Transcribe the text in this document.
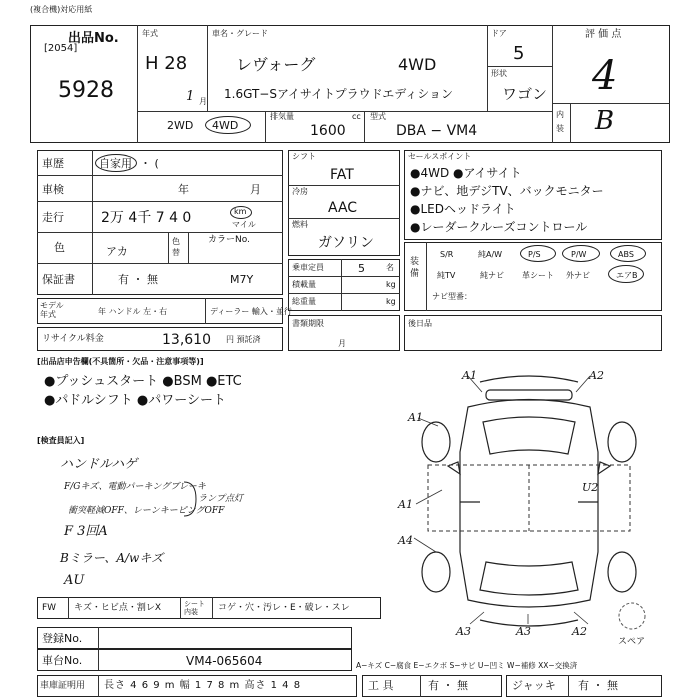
(複合機)対応用紙
出品No.
[2054]
5928
年式
H 28
1 月
車名・グレード
レヴォーグ	4WD
1.6GT−Sアイサイトプラウドエディション
ドア
5
形状
ワゴン
評 価 点
4
内装 B
2WD 4WD
排気量	cc
1600
型式
DBA − VM4
車歴	自家用 ・ (
車検	年	月
走行	2万 4千 7 4 0	km
マイル
色	アカ
色替
カラーNo.
保証書	有 ・ 無	M7Y
モデル年式	年 ハンドル 左・右	ディーラー 輸入・並行
リサイクル料金	13,610 円 預託済
シフト
FAT
冷房
AAC
燃料
ガソリン
乗車定員	5	名
積載量	kg
総重量	kg
書類期限
月
セールスポイント
●4WD ●アイサイト
●ナビ、地デジTV、バックモニター
●LEDヘッドライト
●レーダークルーズコントロール
装備
S/R	純A/W	P/S	P/W	ABS
純TV	純ナビ 革シート 外ナビ	エアB
ナビ型番：
後日品
[出品店申告欄(不具箇所・欠品・注意事項等)]
●プッシュスタート ●BSM ●ETC
●パドルシフト ●パワーシート
[検査員記入]
ハンドルハゲ
F/Gキズ、電動パーキングブレーキ
衝突軽減OFF、レーンキーピングOFF
ランプ点灯
F 3回A
Bミラー、A/wキズ
AU
A1	A2
A1
A1
U2
A4
A3	A3	A2
スペア
FW キズ・ヒビ点・割レX	シート内装	コゲ・穴・汚レ・E・破レ・スレ
登録No.
車台No.	VM4-065604	A−キズ C−腐食 E−エクボ S−サビ U−凹ミ W−補修 XX−交換済
車庫証明用 長さ 4 6 9 m 幅 1 7 8 m 高さ 1 4 8	工 具	有 ・ 無	ジャッキ 有 ・ 無
